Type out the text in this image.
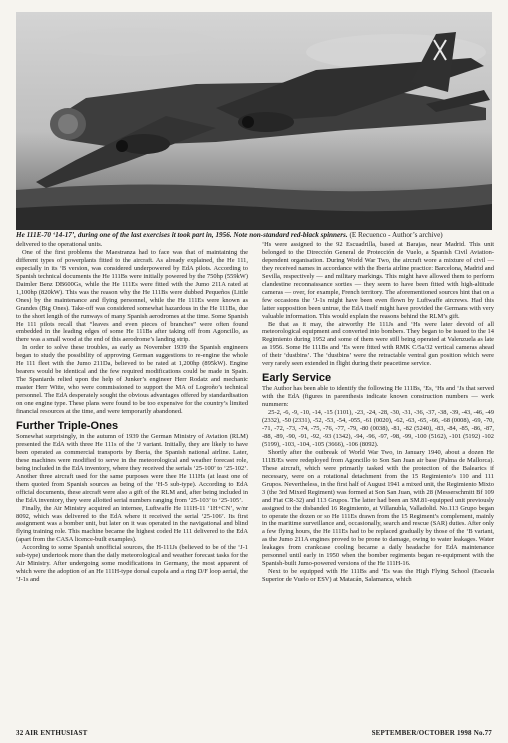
He 111E-70 ‘14-17’, during one of the last exercises it took part in, 1956. Note non-standard red-black spinners. (E Recuenco - Author’s archive)

delivered to the operational units.

One of the first problems the Maestranza had to face was that of maintaining the different types of powerplants fitted to the aircraft. As already explained, the He 111, especially in its ‘B version, was considered underpowered by EdA pilots. According to Spanish technical documents the He 111Bs were initially powered by the 750hp (559kW) Daimler Benz DB600Gs, while the He 111Es were fitted with the Jumo 211A rated at 1,100hp (820kW). This was the reason why the He 111Bs were dubbed Pequeños (Little Ones) by the maintenance and flying personnel, while the He 111Es were known as Grandes (Big Ones). Take-off was considered somewhat hazardous in the He 111Bs, due to the short length of the runways of many Spanish aerodromes at the time. Some Spanish He 111 pilots recall that “leaves and even pieces of branches” were often found embedded in the leading edges of some He 111Bs after taking off from Agoncillo, as there was a small wood at the end of this aerodrome’s landing strip.

In order to solve these troubles, as early as November 1939 the Spanish engineers began to study the possibility of approving German suggestions to re-engine the whole He 111 fleet with the Jumo 211Da, believed to be rated at 1,200hp (895kW). Engine bearers would be identical and the few required modifications could be made in Spain. The Spaniards relied upon the help of Junker’s engineer Herr Rodatz and mechanic master Herr Witte, who were commissioned to support the MA of Logroño’s technical personnel. The EdA desperately sought the obvious advantages offered by standardisation on one engine type. These plans were found to be too expensive for the country’s limited financial resources at the time, and were temporarily abandoned.

Further Triple-Ones

Somewhat surprisingly, in the autumn of 1939 the German Ministry of Aviation (RLM) presented the EdA with three He 111s of the ‘J variant. Initially, they are likely to have been operated as commercial transports by Iberia, the Spanish national airline. Later, these machines were modified to serve in the meteorological and weather forecast role, being included in the EdA inventory, where they received the serials ‘25-100’ to ‘25-102’. Another three aircraft used for the same purposes were thee He 111Hs (at least one of them quoted from Spanish sources as being of the ‘H-5 sub-type). According to EdA official documents, these aircraft were also a gift of the RLM and, after being included in the EdA inventory, they were allotted serial numbers ranging from ‘25-103’ to ‘25-105’.

Finally, the Air Ministry acquired an internee, Luftwaffe He 111H-11 ‘1H+CN’, w/nr 8092, which was delivered to the EdA where it received the serial ‘25-106’. Its first assignment was a bomber unit, but later on it was operated in the navigational and blind flying training role. This machine became the highest coded He 111 delivered to the EdA (apart from the CASA licence-built examples).

According to some Spanish unofficial sources, the H-111Js (believed to be of the ‘J-1 sub-type) undertook more than the daily meteorological and weather forecast tasks for the Air Ministry. After undergoing some modifications in Germany, the most apparent of which were the adoption of an He 111H-type dorsal cupola and a ring D/F loop aerial, the ‘J-1s and

‘Hs were assigned to the 92 Escuadrilla, based at Barajas, near Madrid. This unit belonged to the Dirección General de Protección de Vuelo, a Spanish Civil Aviation-dependent organisation. During World War Two, the aircraft wore a mixture of civil — they received names in accordance with the Iberia airline practice: Barcelona, Madrid and Sevilla, respectively — and military markings. This might have allowed them to perform clandestine reconnaissance sorties — they seem to have been fitted with high-altitude cameras — over, for example, French territory. The aforementioned sources hint that on a few occasions the ‘J-1s might have been even flown by Luftwaffe aircrews. Had this latter supposition been untrue, the EdA itself might have provided the Germans with very valuable information. This would explain the reasons behind the RLM’s gift.

Be that as it may, the airworthy He 111Js and ‘Hs were later devoid of all meteorological equipment and converted into bombers. They began to be issued to the 14 Regimiento during 1952 and some of them were still being operated at Valenzuela as late as 1956. Some He 111Bs and ‘Es were fitted with RMK C/5a/32 vertical cameras ahead of their ‘dustbins’. The ‘dustbins’ were the retractable ventral gun position which were very rarely seen extended in flight during their peacetime service.

Early Service

The Author has been able to identify the following He 111Bs, ‘Es, ‘Hs and ‘Js that served with the EdA (figures in parenthesis indicate known construction numbers — werk nummern:

25-2, -6, -9, -10, -14, -15 (1101), -23, -24, -28, -30, -31, -36, -37, -38, -39, -43, -46, -49 (2332), -50 (2331), -52, -53, -54, -055, -61 (0020), -62, -63, -65, -66, -68 (0008), -69, -70, -71, -72, -73, -74, -75, -76, -77, -79, -80 (0038), -81, -82 (5240), -83, -84, -85, -86, -87, -88, -89, -90, -91, -92, -93 (1342), -94, -96, -97, -98, -99, -100 (5162), -101 (5192) -102 (5199), -103, -104, -105 (3666), -106 (8092).

Shortly after the outbreak of World War Two, in January 1940, about a dozen He 111B/Es were redeployed from Agoncillo to Son San Juan air base (Palma de Mallorca). These aircraft, which were primarily tasked with the protection of the Balearics if necessary, were on a rotational detachment from the 15 Regimiento’s 110 and 111 Grupos. Nevertheless, in the first half of August 1941 a mixed unit, the Regimiento Mixto 3 (the 3rd Mixed Regiment) was formed at Son San Juan, with 28 (Messerschmitt Bf 109 and Fiat CR-32) and 113 Grupos. The latter had been an SM.81-equipped unit previously assigned to the disbanded 16 Regimiento, at Villanubla, Valladolid. No.113 Grupo began to operate the dozen or so He 111Es drawn from the 15 Regiment’s complement, mainly in the maritime surveillance and, occasionally, search and rescue (SAR) duties. After only a few flying hours, the He 111Es had to be replaced gradually by those of the ‘B variant, as the Jumo 211A engines proved to be prone to damage, owing to water leakages. Water leakages from crankcase cooling became a daily headache for EdA maintenance personnel until early in 1950 when the bomber regiments began re-equipment with the Spanish-built Jumo-powered versions of the He 111H-16.

Next to be equipped with He 111Bs and ‘Es was the High Flying School (Escuela Superior de Vuelo or ESV) at Matacán, Salamanca, which

32 AIR ENTHUSIAST	SEPTEMBER/OCTOBER 1998 No.77
